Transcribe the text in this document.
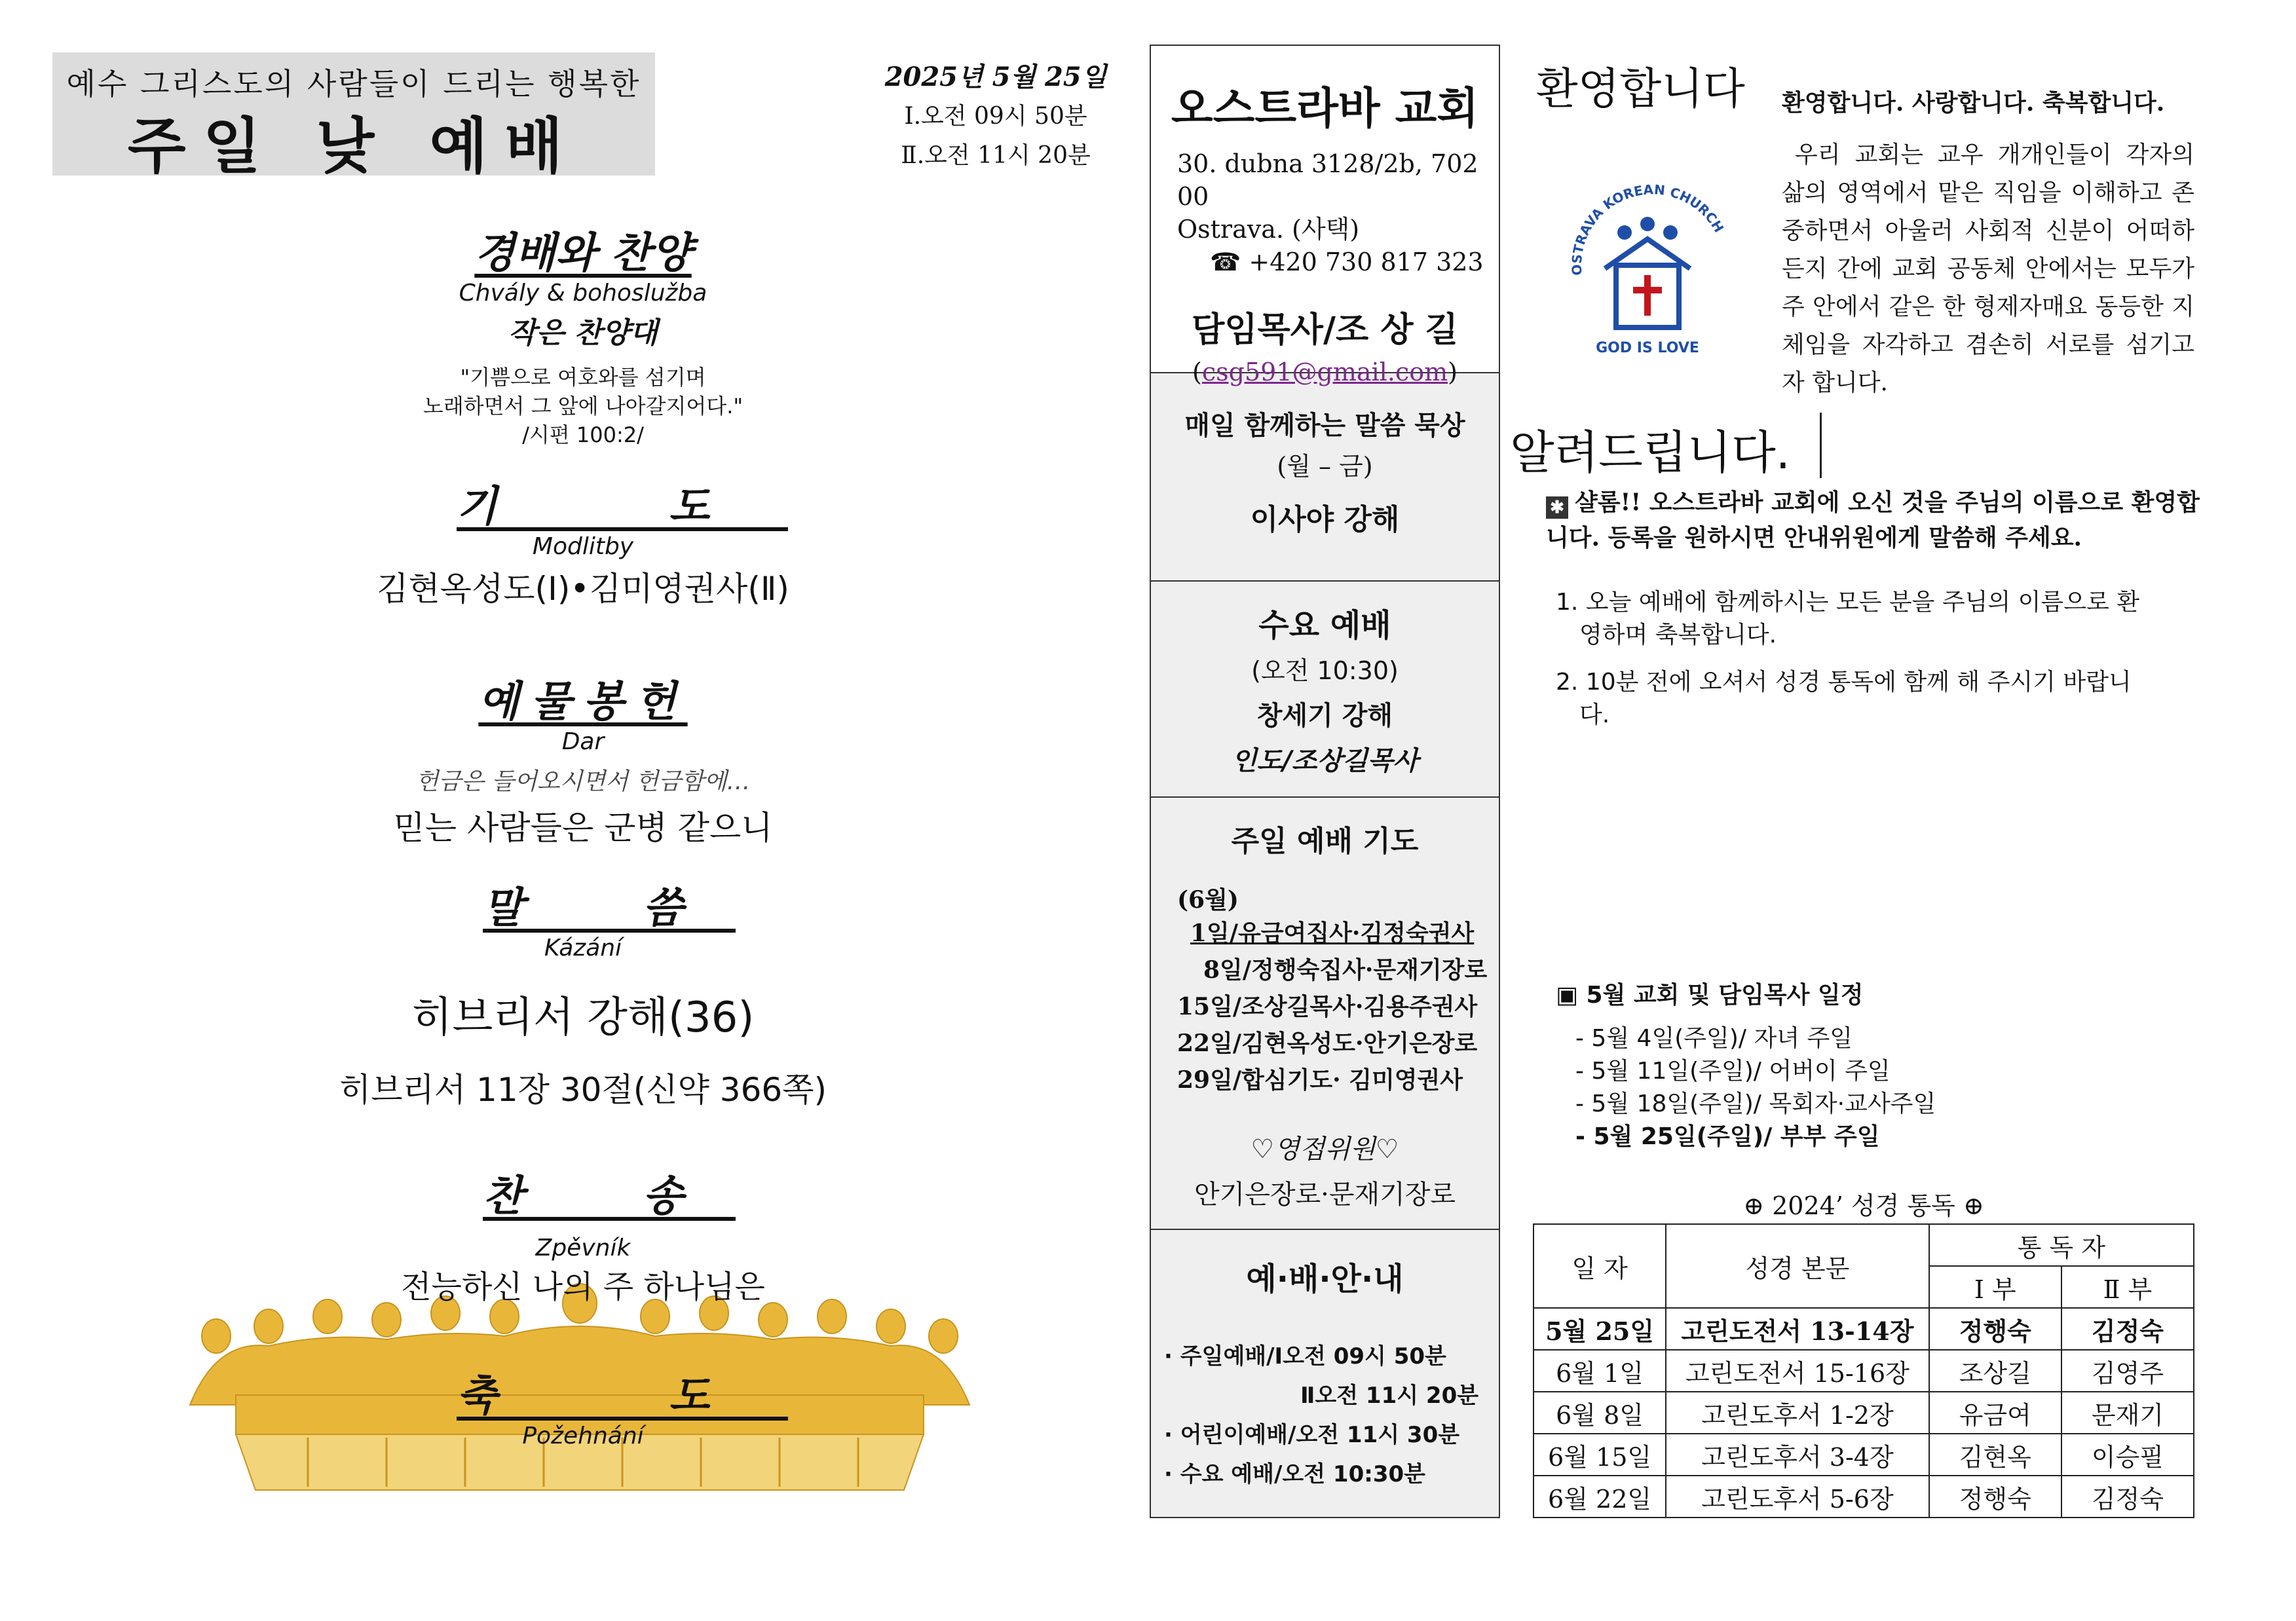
예수 그리스도의 사람들이 드리는 행복한
주일 낮 예배
2025년 5월 25일
Ⅰ.오전 09시 50분
Ⅱ.오전 11시 20분
경배와 찬양
Chvály & bohoslužba
작은 찬양대
"기쁨으로 여호와를 섬기며
노래하면서 그 앞에 나아갈지어다."
/시편 100:2/
기 도
Modlitby
김현옥성도(Ⅰ)•김미영권사(Ⅱ)
예물봉헌
Dar
헌금은 들어오시면서 헌금함에…
믿는 사람들은 군병 같으니
말 씀
Kázání
히브리서 강해(36)
히브리서 11장 30절(신약 366쪽)
찬 송
Zpěvník
전능하신 나의 주 하나님은
축 도
Požehnání
오스트라바 교회
30. dubna 3128/2b, 702 00
Ostrava. (사택)
☎ +420 730 817 323
담임목사/조 상 길
(csg591@gmail.com)
매일 함께하는 말씀 묵상
(월 – 금)
이사야 강해
수요 예배
(오전 10:30)
창세기 강해
인도/조상길목사
주일 예배 기도
(6월)
1일/유금여집사·김정숙권사
8일/정행숙집사·문재기장로
15일/조상길목사·김용주권사
22일/김현옥성도·안기은장로
29일/합심기도· 김미영권사
♡영접위원♡
안기은장로·문재기장로
예·배·안·내
· 주일예배/Ⅰ오전 09시 50분
Ⅱ오전 11시 20분
· 어린이예배/오전 11시 30분
· 수요 예배/오전 10:30분
환영합니다
OSTRAVA KOREAN CHURCH
GOD IS LOVE
환영합니다. 사랑합니다. 축복합니다.
우리 교회는 교우 개개인들이 각자의 삶의 영역에서 맡은 직임을 이해하고 존중하면서 아울러 사회적 신분이 어떠하든지 간에 교회 공동체 안에서는 모두가 주 안에서 같은 한 형제자매요 동등한 지체임을 자각하고 겸손히 서로를 섬기고자 합니다.
알려드립니다.
✱ 샬롬!! 오스트라바 교회에 오신 것을 주님의 이름으로 환영합니다. 등록을 원하시면 안내위원에게 말씀해 주세요.
1. 오늘 예배에 함께하시는 모든 분을 주님의 이름으로 환영하며 축복합니다.
2. 10분 전에 오셔서 성경 통독에 함께 해 주시기 바랍니다.
▣ 5월 교회 및 담임목사 일정
- 5월 4일(주일)/ 자녀 주일
- 5월 11일(주일)/ 어버이 주일
- 5월 18일(주일)/ 목회자·교사주일
- 5월 25일(주일)/ 부부 주일
⊕ 2024’ 성경 통독 ⊕
일 자	성경 본문	통 독 자	
		Ⅰ 부	Ⅱ 부
5월 25일	고린도전서 13-14장	정행숙	김정숙
6월 1일	고린도전서 15-16장	조상길	김영주
6월 8일	고린도후서 1-2장	유금여	문재기
6월 15일	고린도후서 3-4장	김현옥	이승필
6월 22일	고린도후서 5-6장	정행숙	김정숙
